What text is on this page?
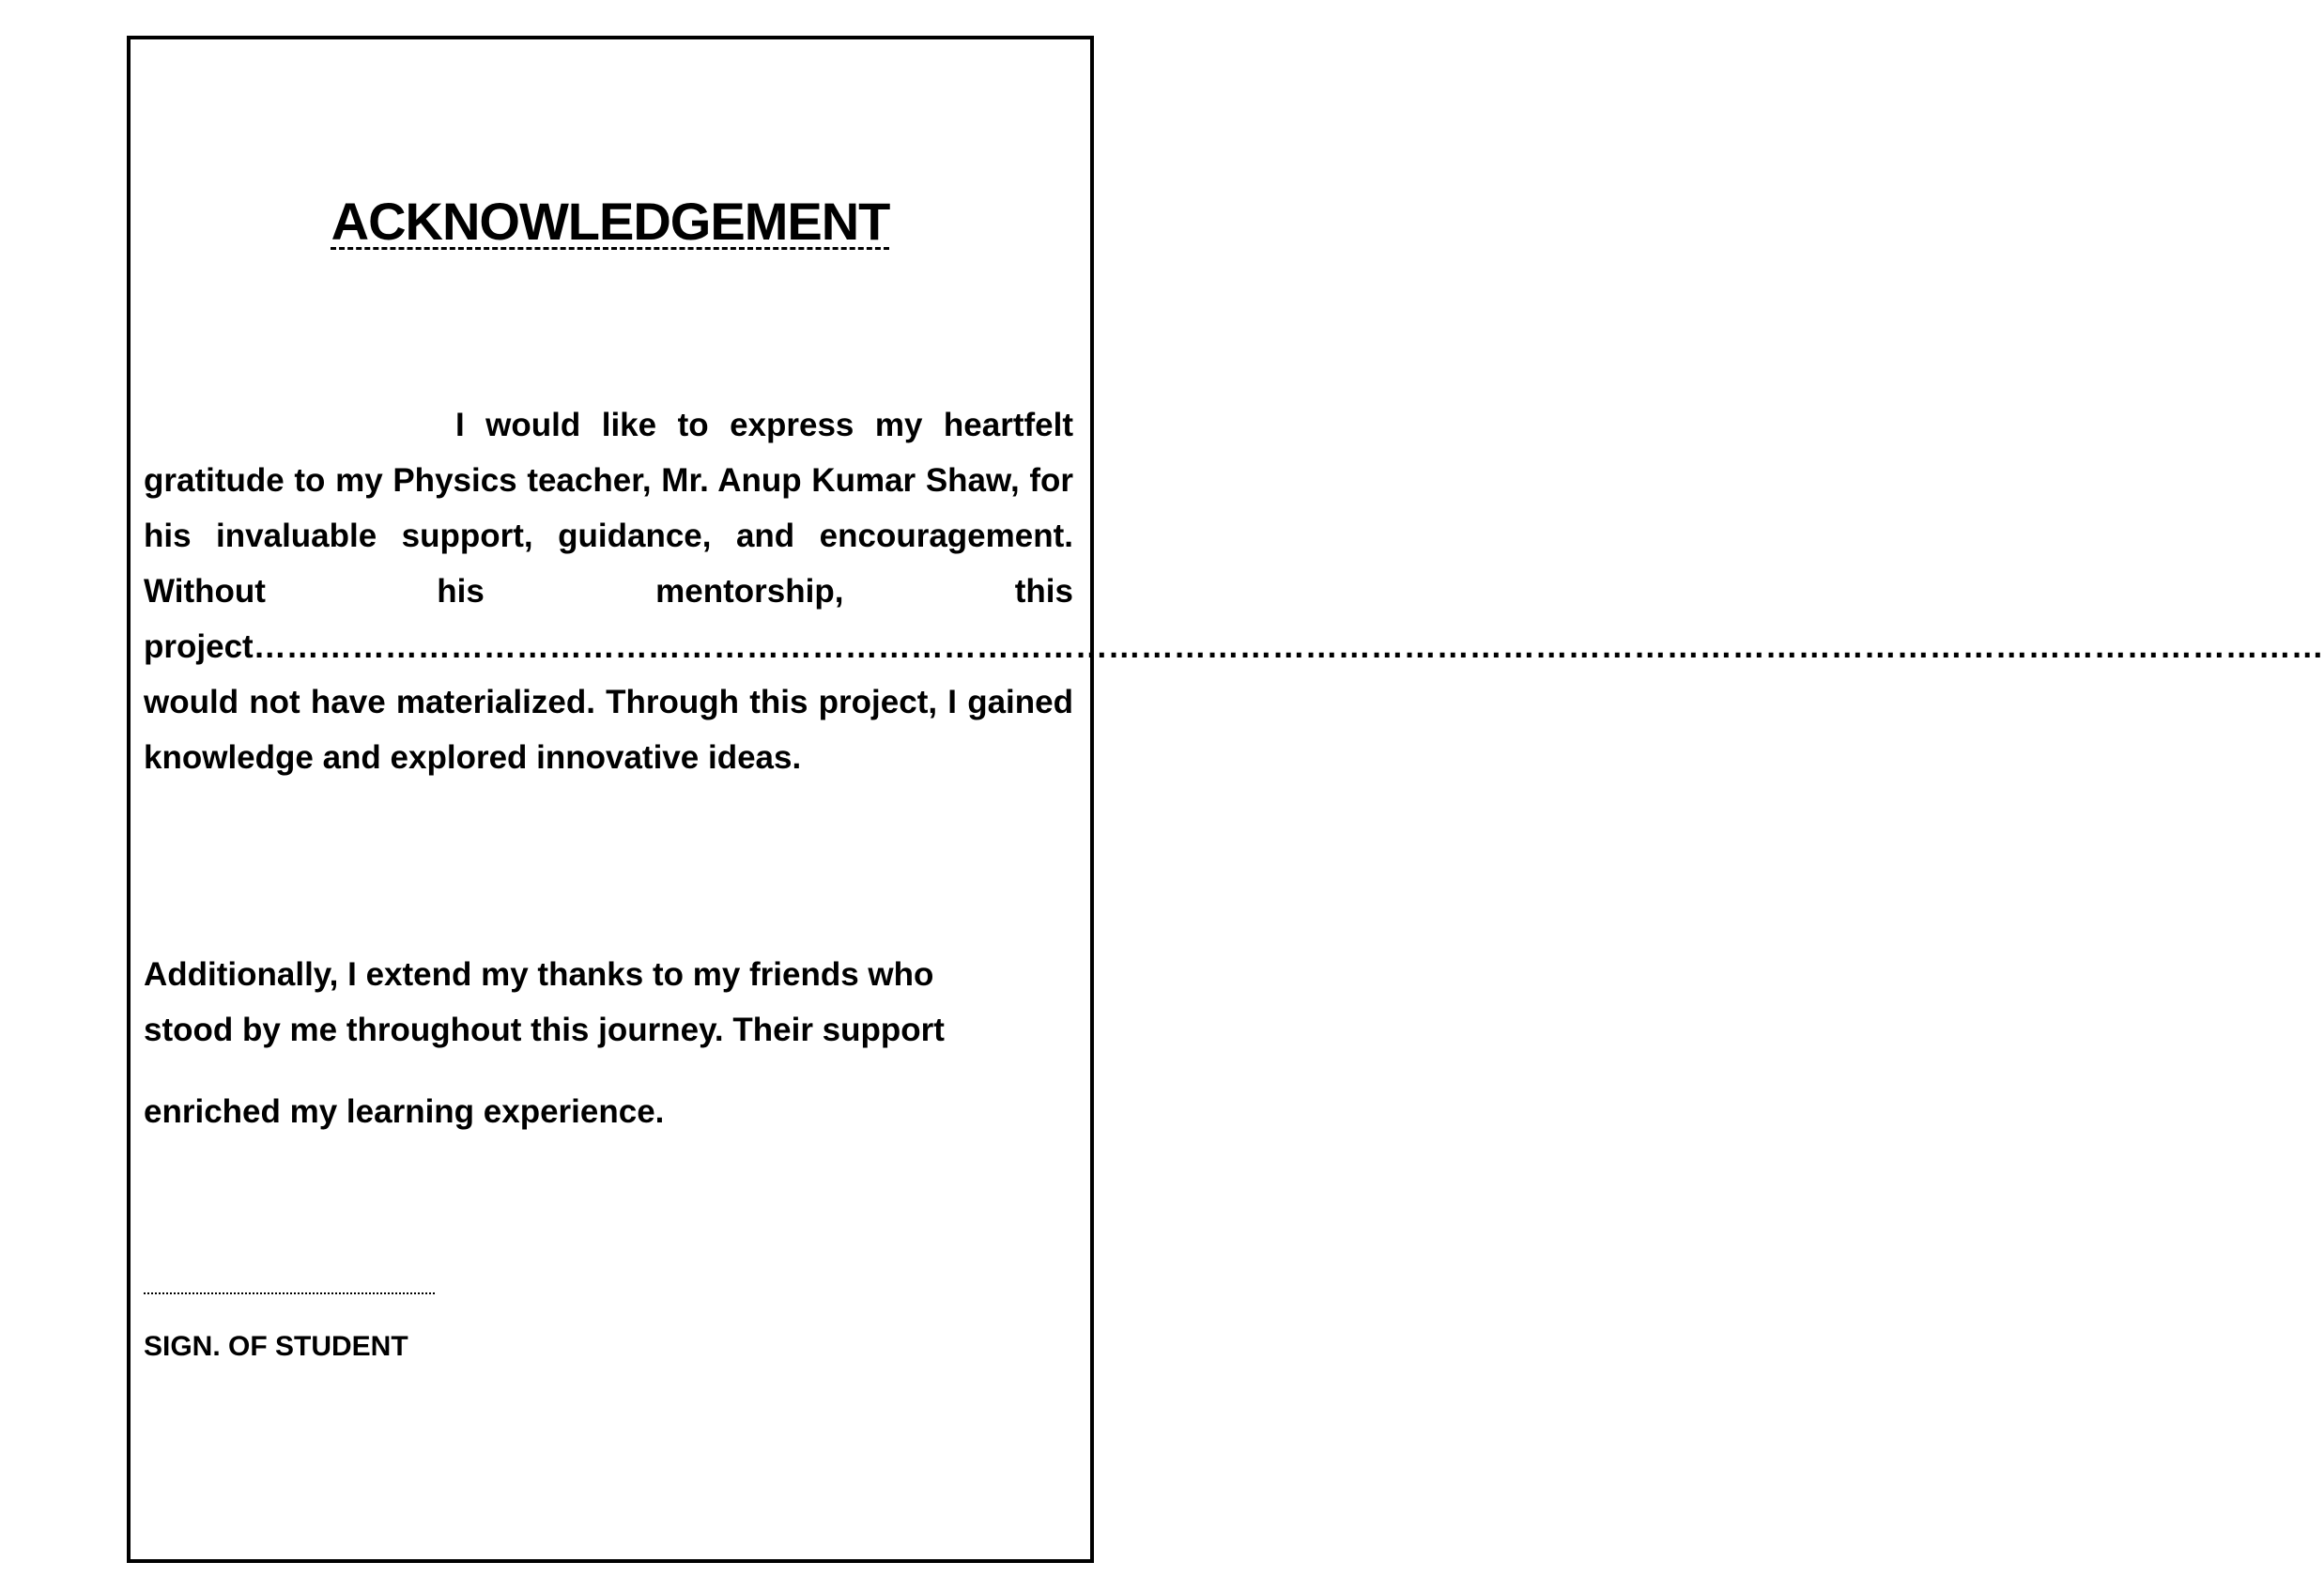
ACKNOWLEDGEMENT

I would like to express my heartfelt gratitude to my Physics teacher, Mr. Anup Kumar Shaw, for his invaluable support, guidance, and encouragement. Without his mentorship, this project……………………………………………………………………………………………………………………………………………………………………… would not have materialized. Through this project, I gained knowledge and explored innovative ideas.

Additionally, I extend my thanks to my friends who
stood by me throughout this journey. Their support
enriched my learning experience.
SIGN. OF STUDENT
